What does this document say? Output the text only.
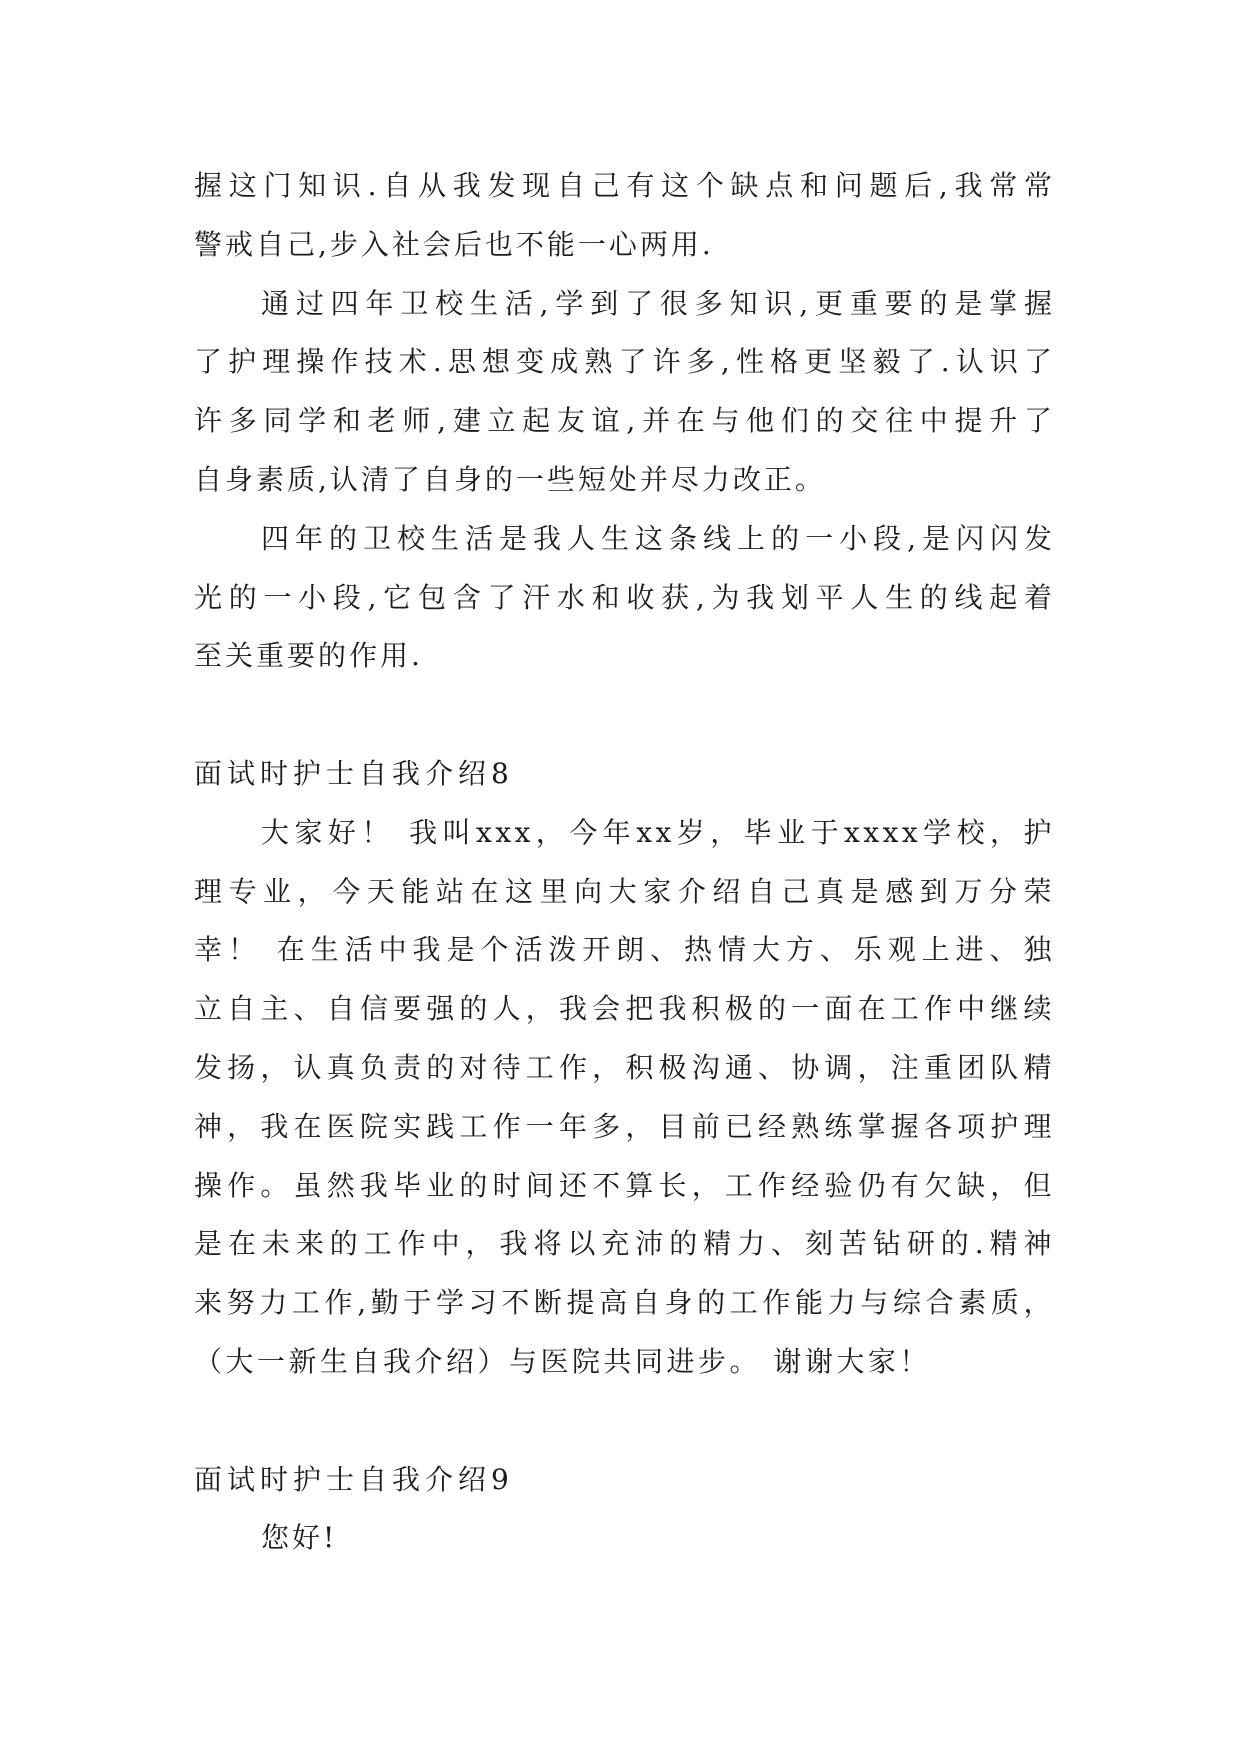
握这门知识.自从我发现自己有这个缺点和问题后,我常常
警戒自己,步入社会后也不能一心两用.
通过四年卫校生活,学到了很多知识,更重要的是掌握
了护理操作技术.思想变成熟了许多,性格更坚毅了.认识了
许多同学和老师,建立起友谊,并在与他们的交往中提升了
自身素质,认清了自身的一些短处并尽力改正。
四年的卫校生活是我人生这条线上的一小段,是闪闪发
光的一小段,它包含了汗水和收获,为我划平人生的线起着
至关重要的作用.
面试时护士自我介绍8
大家好！ 我叫xxx，今年xx岁，毕业于xxxx学校，护
理专业，今天能站在这里向大家介绍自己真是感到万分荣
幸！ 在生活中我是个活泼开朗、热情大方、乐观上进、独
立自主、自信要强的人，我会把我积极的一面在工作中继续
发扬，认真负责的对待工作，积极沟通、协调，注重团队精
神，我在医院实践工作一年多，目前已经熟练掌握各项护理
操作。虽然我毕业的时间还不算长，工作经验仍有欠缺，但
是在未来的工作中，我将以充沛的精力、刻苦钻研的.精神
来努力工作,勤于学习不断提高自身的工作能力与综合素质，
（大一新生自我介绍）与医院共同进步。 谢谢大家！
面试时护士自我介绍9
您好!
